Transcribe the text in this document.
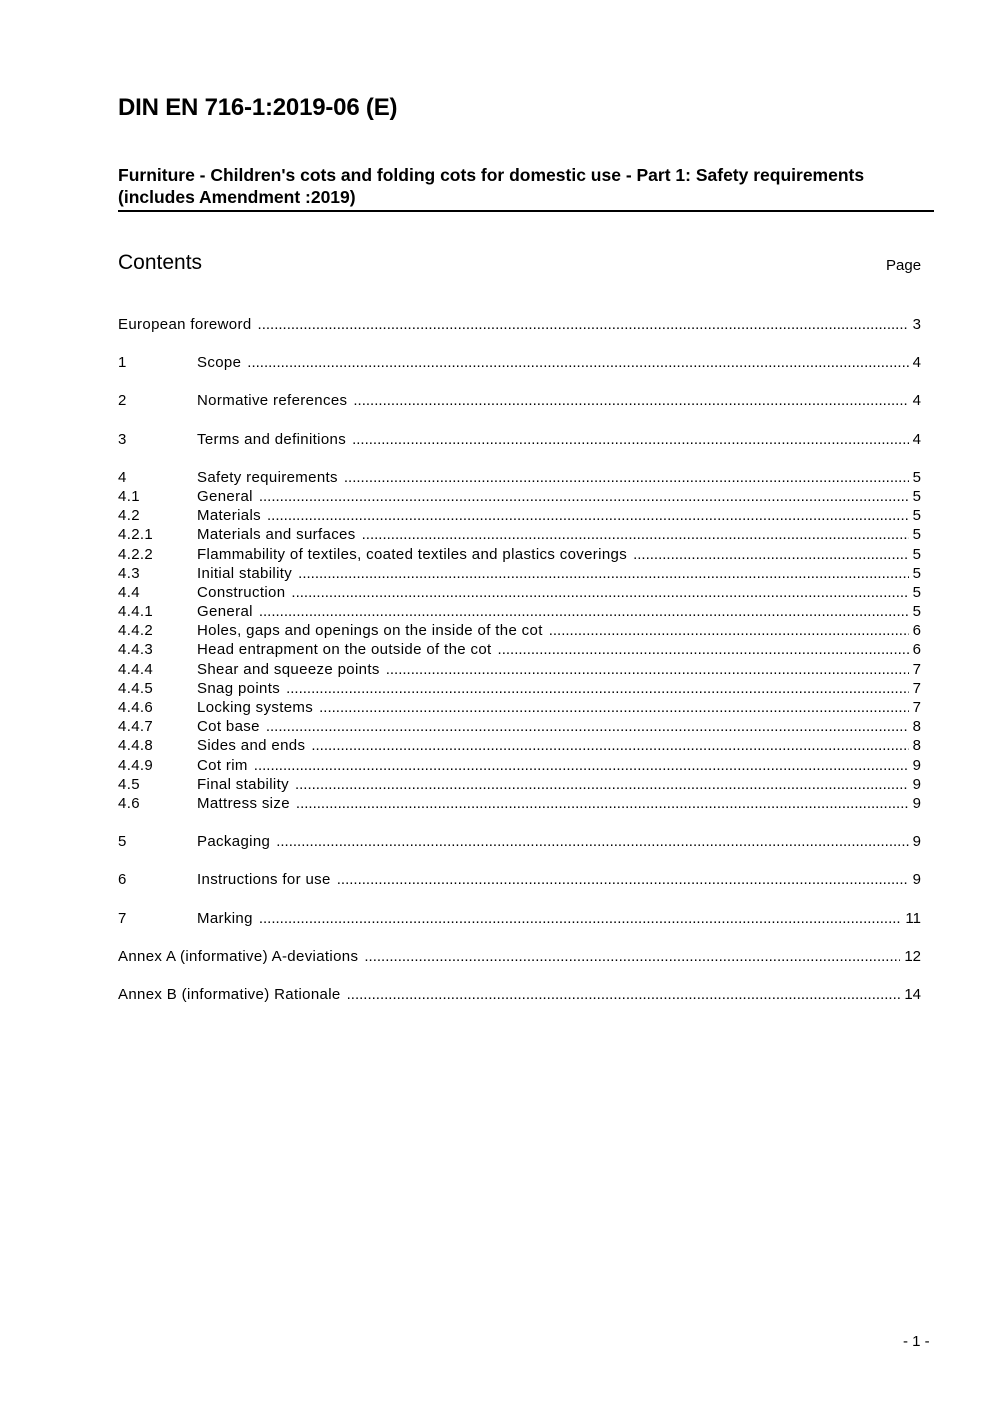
DIN EN 716-1:2019-06 (E)
Furniture - Children's cots and folding cots for domestic use - Part 1: Safety requirements (includes Amendment :2019)
Contents	Page
European foreword .....	3
1	Scope .....	4
2	Normative references .....	4
3	Terms and definitions .....	4
4	Safety requirements .....	5
4.1	General .....	5
4.2	Materials .....	5
4.2.1	Materials and surfaces .....	5
4.2.2	Flammability of textiles, coated textiles and plastics coverings .....	5
4.3	Initial stability .....	5
4.4	Construction .....	5
4.4.1	General .....	5
4.4.2	Holes, gaps and openings on the inside of the cot .....	6
4.4.3	Head entrapment on the outside of the cot .....	6
4.4.4	Shear and squeeze points .....	7
4.4.5	Snag points .....	7
4.4.6	Locking systems .....	7
4.4.7	Cot base .....	8
4.4.8	Sides and ends .....	8
4.4.9	Cot rim .....	9
4.5	Final stability .....	9
4.6	Mattress size .....	9
5	Packaging .....	9
6	Instructions for use .....	9
7	Marking .....	11
Annex A (informative) A-deviations .....	12
Annex B (informative) Rationale .....	14
- 1 -
